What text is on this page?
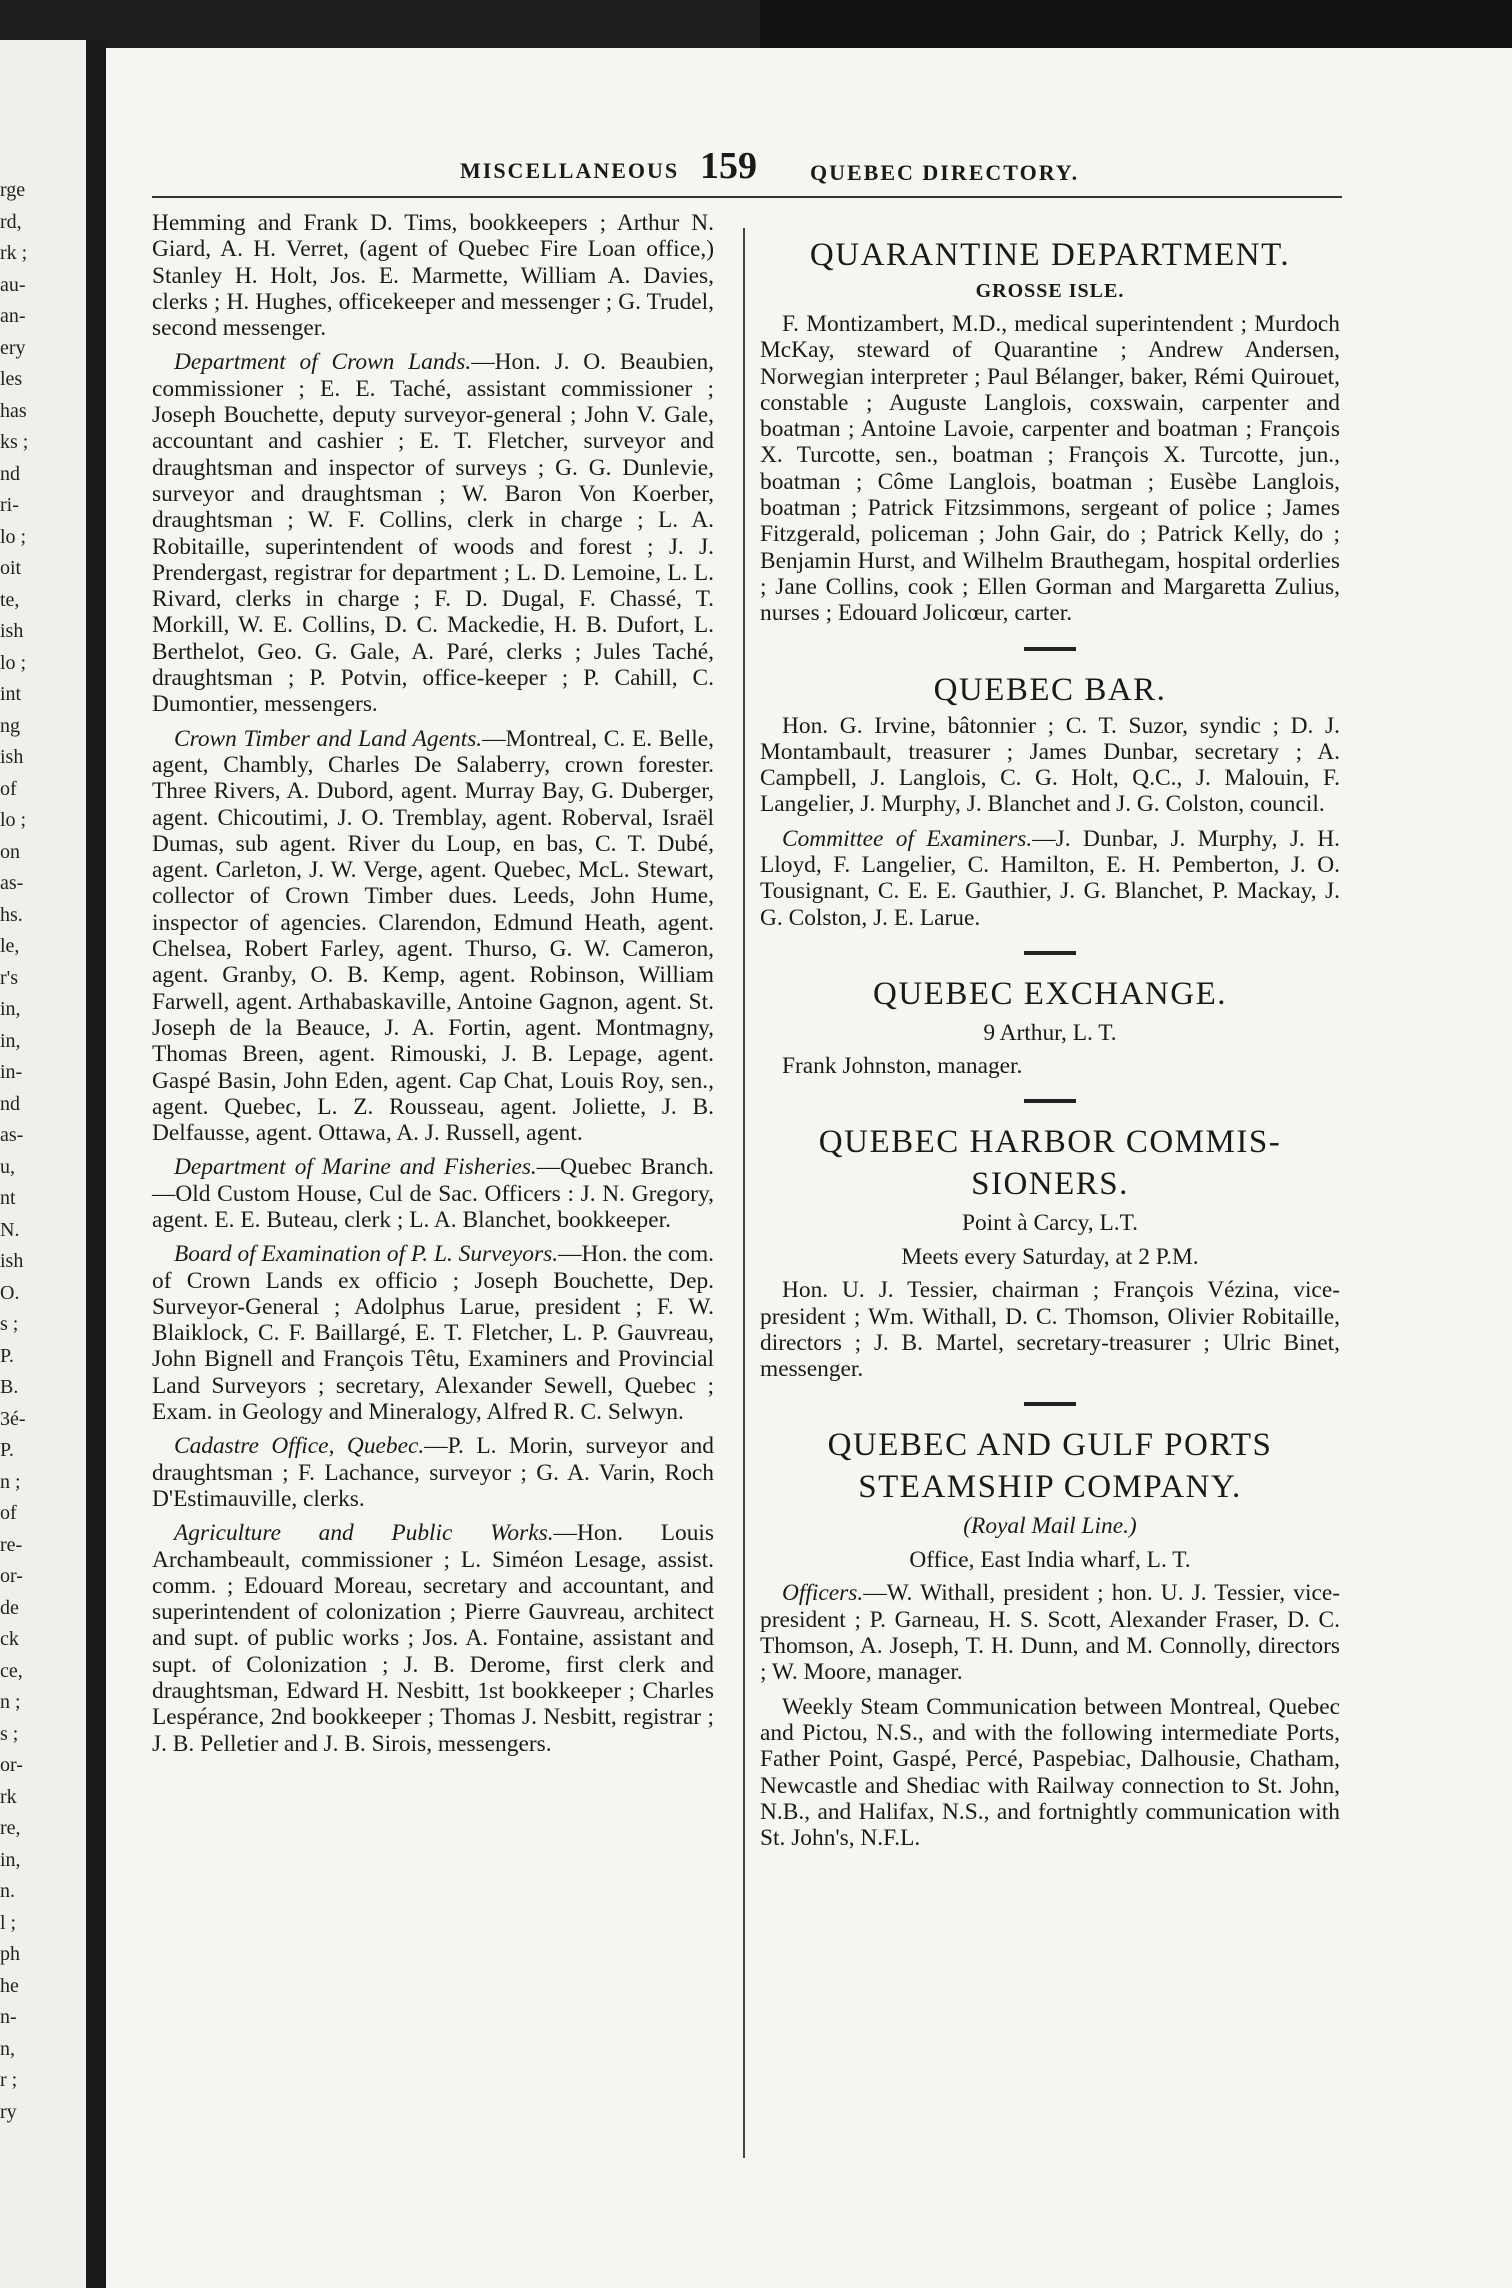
rge
rd,
rk ;
au-
an-
ery
les
has
ks ;
nd
ri-
lo ;
oit
te,
ish
lo ;
int
ng
ish
of
lo ;
on
as-
hs.
le,
r's
in,
in,
in-
nd
as-
u,
nt
N.
ish
O.
s ;
P.
B.
3é-
P.
n ;
of
re-
or-
de
ck
ce,
n ;
s ;
or-
rk
re,
in,
n.
l ;
ph
he
n-
n,
r ;
ry
MISCELLANEOUS 159 QUEBEC DIRECTORY.

Hemming and Frank D. Tims, bookkeepers ; Arthur N. Giard, A. H. Verret, (agent of Quebec Fire Loan office,) Stanley H. Holt, Jos. E. Marmette, William A. Davies, clerks ; H. Hughes, officekeeper and messenger ; G. Trudel, second messenger.

Department of Crown Lands.—Hon. J. O. Beaubien, commissioner ; E. E. Taché, assistant commissioner ; Joseph Bouchette, deputy surveyor-general ; John V. Gale, accountant and cashier ; E. T. Fletcher, surveyor and draughtsman and inspector of surveys ; G. G. Dunlevie, surveyor and draughtsman ; W. Baron Von Koerber, draughtsman ; W. F. Collins, clerk in charge ; L. A. Robitaille, superintendent of woods and forest ; J. J. Prendergast, registrar for department ; L. D. Lemoine, L. L. Rivard, clerks in charge ; F. D. Dugal, F. Chassé, T. Morkill, W. E. Collins, D. C. Mackedie, H. B. Dufort, L. Berthelot, Geo. G. Gale, A. Paré, clerks ; Jules Taché, draughtsman ; P. Potvin, office-keeper ; P. Cahill, C. Dumontier, messengers.

Crown Timber and Land Agents.—Montreal, C. E. Belle, agent, Chambly, Charles De Salaberry, crown forester. Three Rivers, A. Dubord, agent. Murray Bay, G. Duberger, agent. Chicoutimi, J. O. Tremblay, agent. Roberval, Israël Dumas, sub agent. River du Loup, en bas, C. T. Dubé, agent. Carleton, J. W. Verge, agent. Quebec, McL. Stewart, collector of Crown Timber dues. Leeds, John Hume, inspector of agencies. Clarendon, Edmund Heath, agent. Chelsea, Robert Farley, agent. Thurso, G. W. Cameron, agent. Granby, O. B. Kemp, agent. Robinson, William Farwell, agent. Arthabaskaville, Antoine Gagnon, agent. St. Joseph de la Beauce, J. A. Fortin, agent. Montmagny, Thomas Breen, agent. Rimouski, J. B. Lepage, agent. Gaspé Basin, John Eden, agent. Cap Chat, Louis Roy, sen., agent. Quebec, L. Z. Rousseau, agent. Joliette, J. B. Delfausse, agent. Ottawa, A. J. Russell, agent.

Department of Marine and Fisheries.—Quebec Branch.—Old Custom House, Cul de Sac. Officers : J. N. Gregory, agent. E. E. Buteau, clerk ; L. A. Blanchet, bookkeeper.

Board of Examination of P. L. Surveyors.—Hon. the com. of Crown Lands ex officio ; Joseph Bouchette, Dep. Surveyor-General ; Adolphus Larue, president ; F. W. Blaiklock, C. F. Baillargé, E. T. Fletcher, L. P. Gauvreau, John Bignell and François Têtu, Examiners and Provincial Land Surveyors ; secretary, Alexander Sewell, Quebec ; Exam. in Geology and Mineralogy, Alfred R. C. Selwyn.

Cadastre Office, Quebec.—P. L. Morin, surveyor and draughtsman ; F. Lachance, surveyor ; G. A. Varin, Roch D'Estimauville, clerks.

Agriculture and Public Works.—Hon. Louis Archambeault, commissioner ; L. Siméon Lesage, assist. comm. ; Edouard Moreau, secretary and accountant, and superintendent of colonization ; Pierre Gauvreau, architect and supt. of public works ; Jos. A. Fontaine, assistant and supt. of Colonization ; J. B. Derome, first clerk and draughtsman, Edward H. Nesbitt, 1st bookkeeper ; Charles Lespérance, 2nd bookkeeper ; Thomas J. Nesbitt, registrar ; J. B. Pelletier and J. B. Sirois, messengers.

QUARANTINE DEPARTMENT.
GROSSE ISLE.

F. Montizambert, M.D., medical superintendent ; Murdoch McKay, steward of Quarantine ; Andrew Andersen, Norwegian interpreter ; Paul Bélanger, baker, Rémi Quirouet, constable ; Auguste Langlois, coxswain, carpenter and boatman ; Antoine Lavoie, carpenter and boatman ; François X. Turcotte, sen., boatman ; François X. Turcotte, jun., boatman ; Côme Langlois, boatman ; Eusèbe Langlois, boatman ; Patrick Fitzsimmons, sergeant of police ; James Fitzgerald, policeman ; John Gair, do ; Patrick Kelly, do ; Benjamin Hurst, and Wilhelm Brauthegam, hospital orderlies ; Jane Collins, cook ; Ellen Gorman and Margaretta Zulius, nurses ; Edouard Jolicœur, carter.

QUEBEC BAR.

Hon. G. Irvine, bâtonnier ; C. T. Suzor, syndic ; D. J. Montambault, treasurer ; James Dunbar, secretary ; A. Campbell, J. Langlois, C. G. Holt, Q.C., J. Malouin, F. Langelier, J. Murphy, J. Blanchet and J. G. Colston, council.

Committee of Examiners.—J. Dunbar, J. Murphy, J. H. Lloyd, F. Langelier, C. Hamilton, E. H. Pemberton, J. O. Tousignant, C. E. E. Gauthier, J. G. Blanchet, P. Mackay, J. G. Colston, J. E. Larue.

QUEBEC EXCHANGE.
9 Arthur, L. T.

Frank Johnston, manager.

QUEBEC HARBOR COMMIS-
SIONERS.
Point à Carcy, L.T.
Meets every Saturday, at 2 P.M.

Hon. U. J. Tessier, chairman ; François Vézina, vice-president ; Wm. Withall, D. C. Thomson, Olivier Robitaille, directors ; J. B. Martel, secretary-treasurer ; Ulric Binet, messenger.

QUEBEC AND GULF PORTS
STEAMSHIP COMPANY.
(Royal Mail Line.)
Office, East India wharf, L. T.

Officers.—W. Withall, president ; hon. U. J. Tessier, vice-president ; P. Garneau, H. S. Scott, Alexander Fraser, D. C. Thomson, A. Joseph, T. H. Dunn, and M. Connolly, directors ; W. Moore, manager.

Weekly Steam Communication between Montreal, Quebec and Pictou, N.S., and with the following intermediate Ports, Father Point, Gaspé, Percé, Paspebiac, Dalhousie, Chatham, Newcastle and Shediac with Railway connection to St. John, N.B., and Halifax, N.S., and fortnightly communication with St. John's, N.F.L.
